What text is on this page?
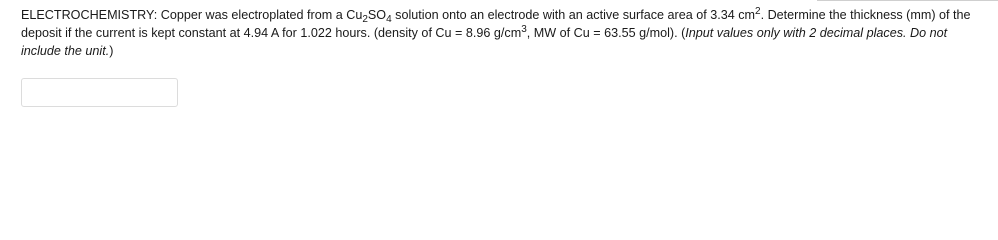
ELECTROCHEMISTRY: Copper was electroplated from a $Cu_2SO_4$ solution onto an electrode with an active surface area of 3.34 $cm^2$. Determine the thickness (mm) of the deposit if the current is kept constant at 4.94 A for 1.022 hours. (density of Cu = 8.96 $g/cm^3$, MW of Cu = 63.55 g/mol). (Input values only with 2 decimal places. Do not include the unit.)
